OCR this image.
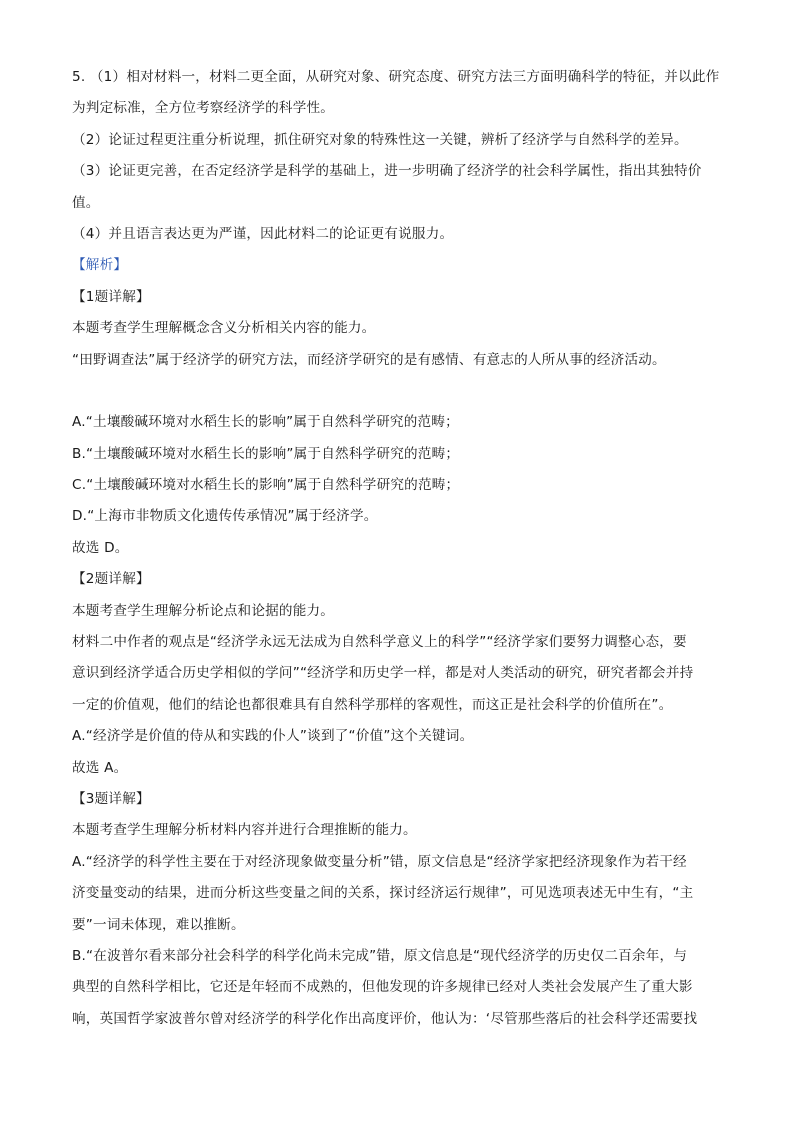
5. （1）相对材料一，材料二更全面，从研究对象、研究态度、研究方法三方面明确科学的特征，并以此作
为判定标准，全方位考察经济学的科学性。
（2）论证过程更注重分析说理，抓住研究对象的特殊性这一关键，辨析了经济学与自然科学的差异。
（3）论证更完善，在否定经济学是科学的基础上，进一步明确了经济学的社会科学属性，指出其独特价
值。
（4）并且语言表达更为严谨，因此材料二的论证更有说服力。
【解析】
【1题详解】
本题考查学生理解概念含义分析相关内容的能力。
“田野调查法”属于经济学的研究方法，而经济学研究的是有感情、有意志的人所从事的经济活动。
A.“土壤酸碱环境对水稻生长的影响”属于自然科学研究的范畴；
B.“土壤酸碱环境对水稻生长的影响”属于自然科学研究的范畴；
C.“土壤酸碱环境对水稻生长的影响”属于自然科学研究的范畴；
D.“上海市非物质文化遗传传承情况”属于经济学。
故选 D。
【2题详解】
本题考查学生理解分析论点和论据的能力。
材料二中作者的观点是“经济学永远无法成为自然科学意义上的科学”“经济学家们要努力调整心态，要
意识到经济学适合历史学相似的学问”“经济学和历史学一样，都是对人类活动的研究，研究者都会并持
一定的价值观，他们的结论也都很难具有自然科学那样的客观性，而这正是社会科学的价值所在”。
A.“经济学是价值的侍从和实践的仆人”谈到了“价值”这个关键词。
故选 A。
【3题详解】
本题考查学生理解分析材料内容并进行合理推断的能力。
A.“经济学的科学性主要在于对经济现象做变量分析”错，原文信息是“经济学家把经济现象作为若干经
济变量变动的结果，进而分析这些变量之间的关系，探讨经济运行规律”，可见选项表述无中生有，“主
要”一词未体现，难以推断。
B.“在波普尔看来部分社会科学的科学化尚未完成”错，原文信息是“现代经济学的历史仅二百余年，与
典型的自然科学相比，它还是年轻而不成熟的，但他发现的许多规律已经对人类社会发展产生了重大影
响，英国哲学家波普尔曾对经济学的科学化作出高度评价，他认为：‘尽管那些落后的社会科学还需要找
